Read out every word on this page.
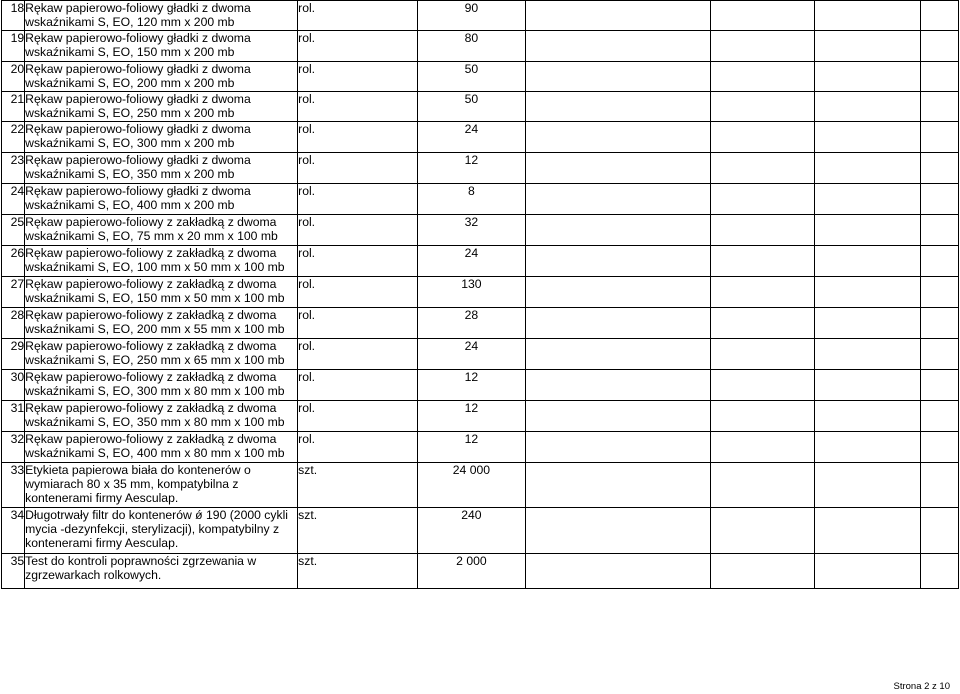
18	Rękaw papierowo-foliowy gładki z dwoma wskaźnikami S, EO, 120 mm x 200 mb	rol.	90				
19	Rękaw papierowo-foliowy gładki z dwoma wskaźnikami S, EO, 150 mm x 200 mb	rol.	80				
20	Rękaw papierowo-foliowy gładki z dwoma wskaźnikami S, EO, 200 mm x 200 mb	rol.	50				
21	Rękaw papierowo-foliowy gładki z dwoma wskaźnikami S, EO, 250 mm x 200 mb	rol.	50				
22	Rękaw papierowo-foliowy gładki z dwoma wskaźnikami S, EO, 300 mm x 200 mb	rol.	24				
23	Rękaw papierowo-foliowy gładki z dwoma wskaźnikami S, EO, 350 mm x 200 mb	rol.	12				
24	Rękaw papierowo-foliowy gładki z dwoma wskaźnikami S, EO, 400 mm x 200 mb	rol.	8				
25	Rękaw papierowo-foliowy z zakładką z dwoma wskaźnikami S, EO, 75 mm x 20 mm x 100 mb	rol.	32				
26	Rękaw papierowo-foliowy z zakładką z dwoma wskaźnikami S, EO, 100 mm x 50 mm x 100 mb	rol.	24				
27	Rękaw papierowo-foliowy z zakładką z dwoma wskaźnikami S, EO, 150 mm x 50 mm x 100 mb	rol.	130				
28	Rękaw papierowo-foliowy z zakładką z dwoma wskaźnikami S, EO, 200 mm x 55 mm x 100 mb	rol.	28				
29	Rękaw papierowo-foliowy z zakładką z dwoma wskaźnikami S, EO, 250 mm x 65 mm x 100 mb	rol.	24				
30	Rękaw papierowo-foliowy z zakładką z dwoma wskaźnikami S, EO, 300 mm x 80 mm x 100 mb	rol.	12				
31	Rękaw papierowo-foliowy z zakładką z dwoma wskaźnikami S, EO, 350 mm x 80 mm x 100 mb	rol.	12				
32	Rękaw papierowo-foliowy z zakładką z dwoma wskaźnikami S, EO, 400 mm x 80 mm x 100 mb	rol.	12				
33	Etykieta papierowa biała do kontenerów o wymiarach 80 x 35 mm, kompatybilna z kontenerami firmy Aesculap.	szt.	24 000				
34	Długotrwały filtr do kontenerów ǿ 190 (2000 cykli mycia -dezynfekcji, sterylizacji), kompatybilny z kontenerami firmy Aesculap.	szt.	240				
35	Test do kontroli poprawności zgrzewania w zgrzewarkach rolkowych.	szt.	2 000				
Strona 2 z 10
